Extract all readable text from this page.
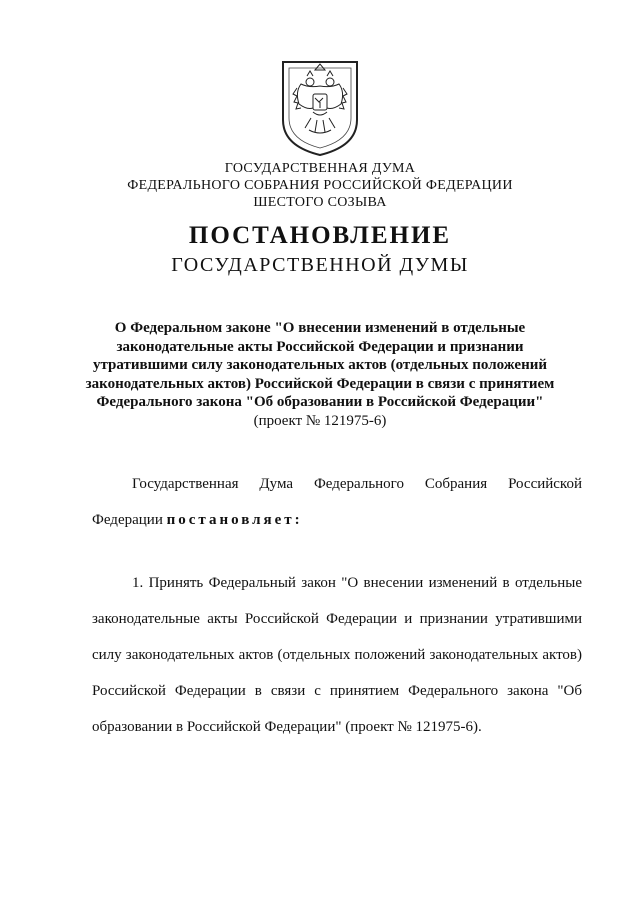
ГОСУДАРСТВЕННАЯ ДУМА
ФЕДЕРАЛЬНОГО СОБРАНИЯ РОССИЙСКОЙ ФЕДЕРАЦИИ
ШЕСТОГО СОЗЫВА
ПОСТАНОВЛЕНИЕ
ГОСУДАРСТВЕННОЙ ДУМЫ
О Федеральном законе "О внесении изменений в отдельные
законодательные акты Российской Федерации и признании
утратившими силу законодательных актов (отдельных положений
законодательных актов) Российской Федерации в связи с принятием
Федерального закона "Об образовании в Российской Федерации"
(проект № 121975-6)
Государственная Дума Федерального Собрания Российской
Федерации постановляет:
1. Принять Федеральный закон "О внесении изменений в отдельные законодательные акты Российской Федерации и признании утратившими силу законодательных актов (отдельных положений законодательных актов) Российской Федерации в связи с принятием Федерального закона "Об образовании в Российской Федерации" (проект № 121975-6).
